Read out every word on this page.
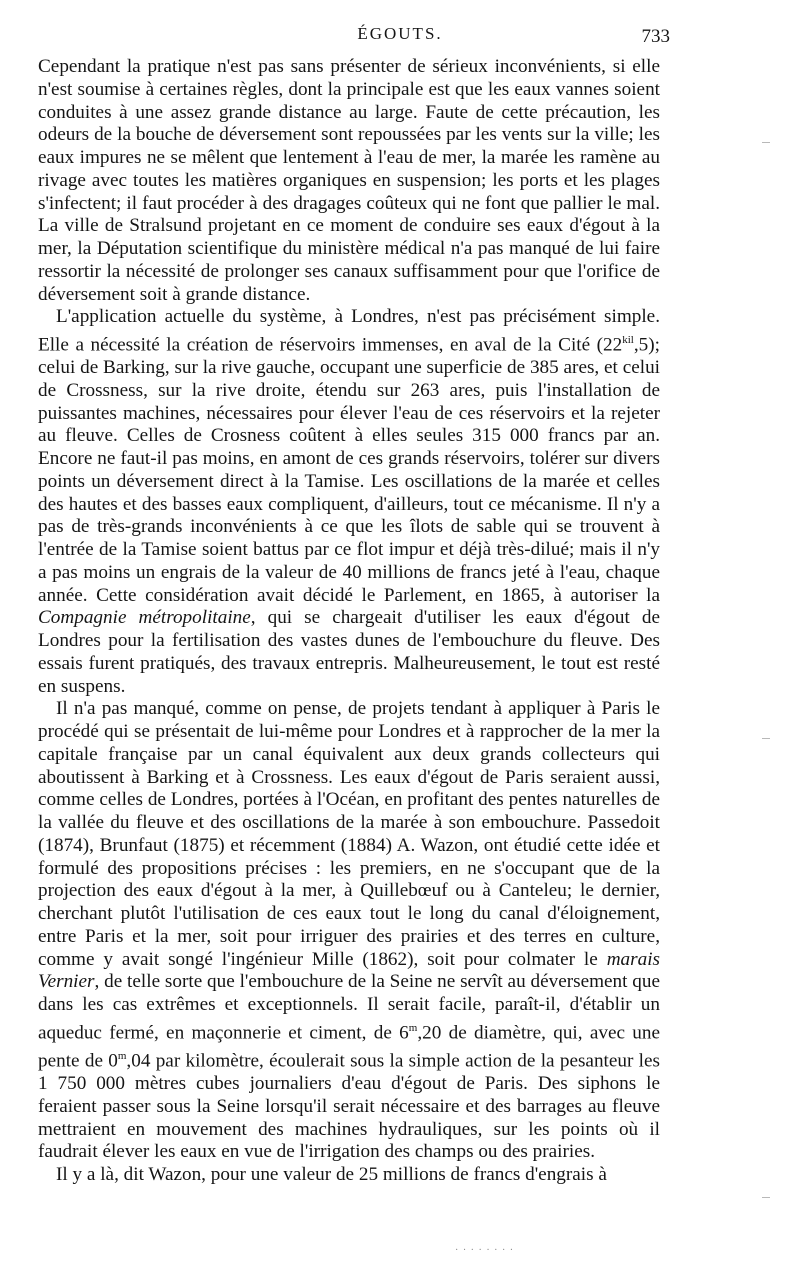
ÉGOUTS.	733

Cependant la pratique n'est pas sans présenter de sérieux inconvénients, si elle n'est soumise à certaines règles, dont la principale est que les eaux vannes soient conduites à une assez grande distance au large. Faute de cette précaution, les odeurs de la bouche de déversement sont repoussées par les vents sur la ville; les eaux impures ne se mêlent que lentement à l'eau de mer, la marée les ramène au rivage avec toutes les matières organiques en suspension; les ports et les plages s'infectent; il faut procéder à des dragages coûteux qui ne font que pallier le mal. La ville de Stralsund projetant en ce moment de conduire ses eaux d'égout à la mer, la Députation scientifique du ministère médical n'a pas manqué de lui faire ressortir la nécessité de prolonger ses canaux suffisamment pour que l'orifice de déversement soit à grande distance.

L'application actuelle du système, à Londres, n'est pas précisément simple. Elle a nécessité la création de réservoirs immenses, en aval de la Cité $(22^{kil},5)$; celui de Barking, sur la rive gauche, occupant une superficie de 385 ares, et celui de Crossness, sur la rive droite, étendu sur 263 ares, puis l'installation de puissantes machines, nécessaires pour élever l'eau de ces réservoirs et la rejeter au fleuve. Celles de Crosness coûtent à elles seules 315 000 francs par an. Encore ne faut-il pas moins, en amont de ces grands réservoirs, tolérer sur divers points un déversement direct à la Tamise. Les oscillations de la marée et celles des hautes et des basses eaux compliquent, d'ailleurs, tout ce mécanisme. Il n'y a pas de très-grands inconvénients à ce que les îlots de sable qui se trouvent à l'entrée de la Tamise soient battus par ce flot impur et déjà très-dilué; mais il n'y a pas moins un engrais de la valeur de 40 millions de francs jeté à l'eau, chaque année. Cette considération avait décidé le Parlement, en 1865, à autoriser la Compagnie métropolitaine, qui se chargeait d'utiliser les eaux d'égout de Londres pour la fertilisation des vastes dunes de l'embouchure du fleuve. Des essais furent pratiqués, des travaux entrepris. Malheureusement, le tout est resté en suspens.

Il n'a pas manqué, comme on pense, de projets tendant à appliquer à Paris le procédé qui se présentait de lui-même pour Londres et à rapprocher de la mer la capitale française par un canal équivalent aux deux grands collecteurs qui aboutissent à Barking et à Crossness. Les eaux d'égout de Paris seraient aussi, comme celles de Londres, portées à l'Océan, en profitant des pentes naturelles de la vallée du fleuve et des oscillations de la marée à son embouchure. Passedoit (1874), Brunfaut (1875) et récemment (1884) A. Wazon, ont étudié cette idée et formulé des propositions précises : les premiers, en ne s'occupant que de la projection des eaux d'égout à la mer, à Quillebœuf ou à Canteleu; le dernier, cherchant plutôt l'utilisation de ces eaux tout le long du canal d'éloignement, entre Paris et la mer, soit pour irriguer des prairies et des terres en culture, comme y avait songé l'ingénieur Mille (1862), soit pour colmater le marais Vernier, de telle sorte que l'embouchure de la Seine ne servît au déversement que dans les cas extrêmes et exceptionnels. Il serait facile, paraît-il, d'établir un aqueduc fermé, en maçonnerie et ciment, de 6$^m$,20 de diamètre, qui, avec une pente de 0$^m$,04 par kilomètre, écoulerait sous la simple action de la pesanteur les 1 750 000 mètres cubes journaliers d'eau d'égout de Paris. Des siphons le feraient passer sous la Seine lorsqu'il serait nécessaire et des barrages au fleuve mettraient en mouvement des machines hydrauliques, sur les points où il faudrait élever les eaux en vue de l'irrigation des champs ou des prairies.

Il y a là, dit Wazon, pour une valeur de 25 millions de francs d'engrais à

· · · · · · · ·
